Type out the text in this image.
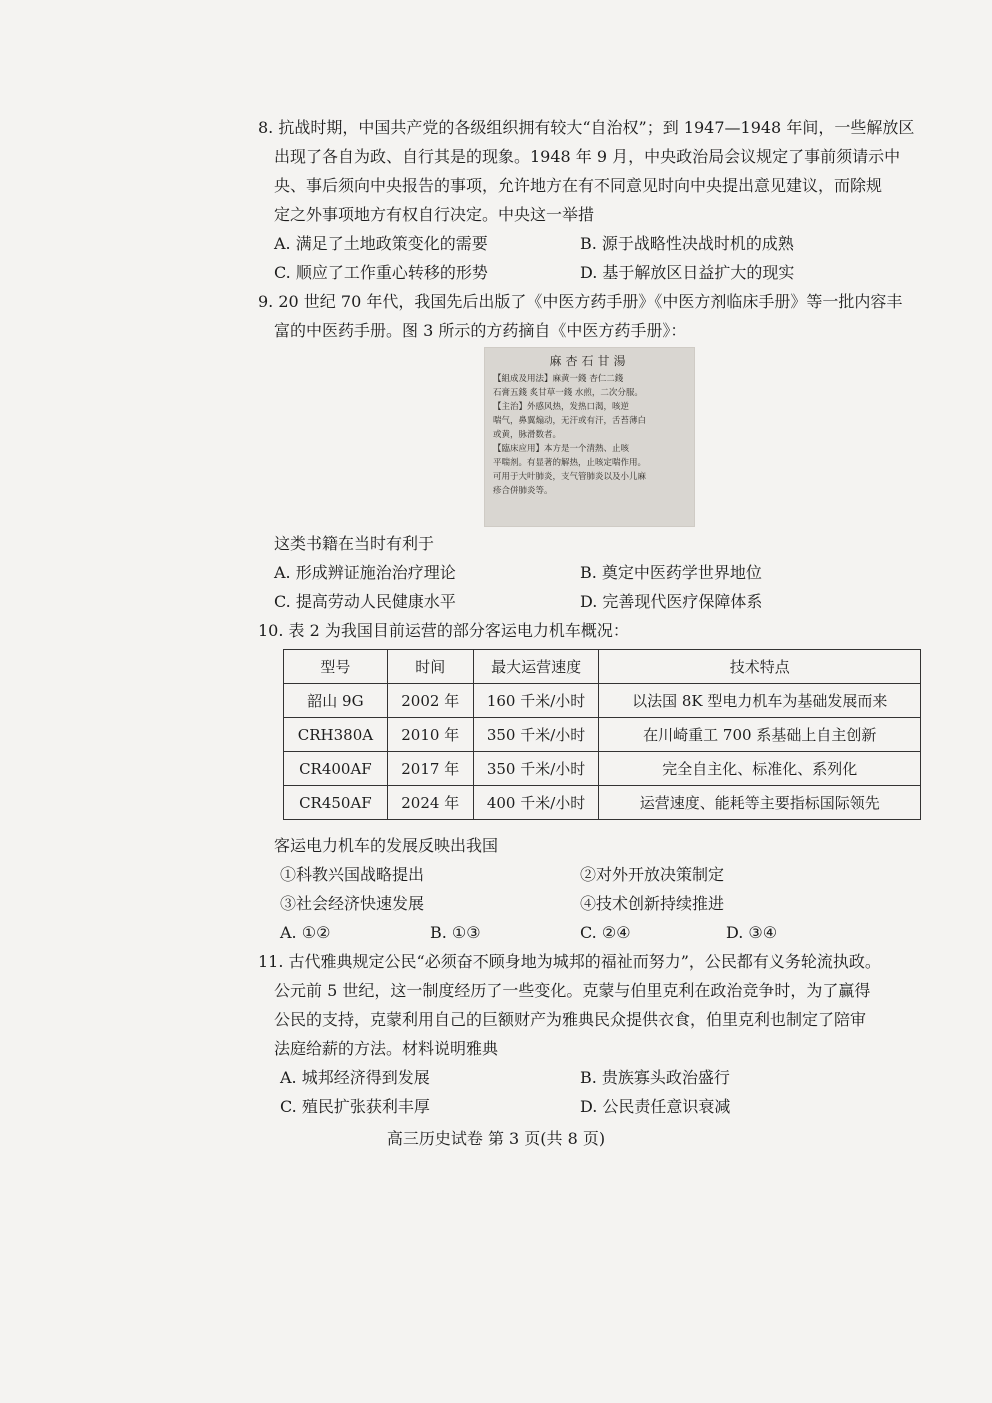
8. 抗战时期，中国共产党的各级组织拥有较大“自治权”；到 1947—1948 年间，一些解放区

出现了各自为政、自行其是的现象。1948 年 9 月，中央政治局会议规定了事前须请示中

央、事后须向中央报告的事项，允许地方在有不同意见时向中央提出意见建议，而除规

定之外事项地方有权自行决定。中央这一举措

A. 满足了土地政策变化的需要	B. 源于战略性决战时机的成熟
C. 顺应了工作重心转移的形势	D. 基于解放区日益扩大的现实

9. 20 世纪 70 年代，我国先后出版了《中医方药手册》《中医方剂临床手册》等一批内容丰

富的中医药手册。图 3 所示的方药摘自《中医方药手册》：

麻杏石甘湯
【組成及用法】麻黄一錢 杏仁二錢
石膏五錢 炙甘草一錢 水煎，二次分服。
【主治】外感风热，发热口渴，咳逆
喘气，鼻翼煽动，无汗或有汗，舌苔薄白
或黄，脉滑数者。
【臨床应用】本方是一个清熱、止咳
平喘剂。有显著的解热，止咳定喘作用。
可用于大叶肺炎，支气管肺炎以及小儿麻
疹合併肺炎等。

这类书籍在当时有利于

A. 形成辨证施治治疗理论	B. 奠定中医药学世界地位
C. 提高劳动人民健康水平	D. 完善现代医疗保障体系

10. 表 2 为我国目前运营的部分客运电力机车概况：

型号	时间	最大运营速度	技术特点
韶山 9G	2002 年	160 千米/小时	以法国 8K 型电力机车为基础发展而来
CRH380A	2010 年	350 千米/小时	在川崎重工 700 系基础上自主创新
CR400AF	2017 年	350 千米/小时	完全自主化、标准化、系列化
CR450AF	2024 年	400 千米/小时	运营速度、能耗等主要指标国际领先

客运电力机车的发展反映出我国

①科教兴国战略提出	②对外开放决策制定
③社会经济快速发展	④技术创新持续推进
A. ①②	B. ①③	C. ②④	D. ③④

11. 古代雅典规定公民“必须奋不顾身地为城邦的福祉而努力”，公民都有义务轮流执政。

公元前 5 世纪，这一制度经历了一些变化。克蒙与伯里克利在政治竞争时，为了赢得

公民的支持，克蒙利用自己的巨额财产为雅典民众提供衣食，伯里克利也制定了陪审

法庭给薪的方法。材料说明雅典

A. 城邦经济得到发展	B. 贵族寡头政治盛行
C. 殖民扩张获利丰厚	D. 公民责任意识衰减
高三历史试卷 第 3 页(共 8 页)
